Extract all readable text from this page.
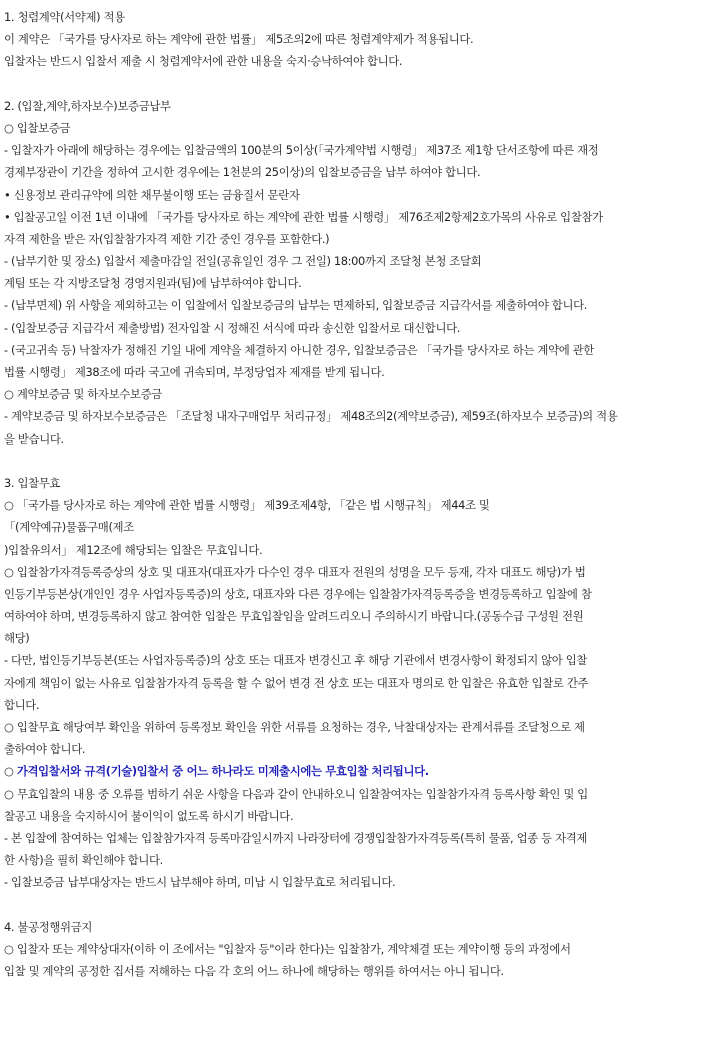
1. 청렴계약(서약제) 적용
이 계약은 「국가를 당사자로 하는 계약에 관한 법률」 제5조의2에 따른 청렴계약제가 적용됩니다.
입찰자는 반드시 입찰서 제출 시 청렴계약서에 관한 내용을 숙지·승낙하여야 합니다.
2. (입찰,계약,하자보수)보증금납부
○ 입찰보증금
- 입찰자가 아래에 해당하는 경우에는 입찰금액의 100분의 5이상(「국가계약법 시행령」 제37조 제1항 단서조항에 따른 재정
경제부장관이 기간을 정하여 고시한 경우에는 1천분의 25이상)의 입찰보증금을 납부 하여야 합니다.
• 신용정보 관리규약에 의한 채무불이행 또는 금융질서 문란자
• 입찰공고일 이전 1년 이내에 「국가를 당사자로 하는 계약에 관한 법률 시행령」 제76조제2항제2호가목의 사유로 입찰참가
자격 제한을 받은 자(입찰참가자격 제한 기간 중인 경우를 포함한다.)
- (납부기한 및 장소) 입찰서 제출마감일 전일(공휴일인 경우 그 전일) 18:00까지 조달청 본청 조달회
계팀 또는 각 지방조달청 경영지원과(팀)에 납부하여야 합니다.
- (납부면제) 위 사항을 제외하고는 이 입찰에서 입찰보증금의 납부는 면제하되, 입찰보증금 지급각서를 제출하여야 합니다.
- (입찰보증금 지급각서 제출방법) 전자입찰 시 정해진 서식에 따라 송신한 입찰서로 대신합니다.
- (국고귀속 등) 낙찰자가 정해진 기일 내에 계약을 체결하지 아니한 경우, 입찰보증금은 「국가를 당사자로 하는 계약에 관한
법률 시행령」 제38조에 따라 국고에 귀속되며, 부정당업자 제재를 받게 됩니다.
○ 계약보증금 및 하자보수보증금
- 계약보증금 및 하자보수보증금은 「조달청 내자구매업무 처리규정」 제48조의2(계약보증금), 제59조(하자보수 보증금)의 적용
을 받습니다.
3. 입찰무효
○ 「국가를 당사자로 하는 계약에 관한 법률 시행령」 제39조제4항, 「같은 법 시행규칙」 제44조 및
「(계약예규)물품구매(제조
)입찰유의서」 제12조에 해당되는 입찰은 무효입니다.
○ 입찰참가자격등록증상의 상호 및 대표자(대표자가 다수인 경우 대표자 전원의 성명을 모두 등재, 각자 대표도 해당)가 법
인등기부등본상(개인인 경우 사업자등록증)의 상호, 대표자와 다른 경우에는 입찰참가자격등록증을 변경등록하고 입찰에 참
여하여야 하며, 변경등록하지 않고 참여한 입찰은 무효입찰임을 알려드리오니 주의하시기 바랍니다.(공동수급 구성원 전원
해당)
- 다만, 법인등기부등본(또는 사업자등록증)의 상호 또는 대표자 변경신고 후 해당 기관에서 변경사항이 확정되지 않아 입찰
자에게 책임이 없는 사유로 입찰참가자격 등록을 할 수 없어 변경 전 상호 또는 대표자 명의로 한 입찰은 유효한 입찰로 간주
합니다.
○ 입찰무효 해당여부 확인을 위하여 등록정보 확인을 위한 서류를 요청하는 경우, 낙찰대상자는 관계서류를 조달청으로 제
출하여야 합니다.
○ 가격입찰서와 규격(기술)입찰서 중 어느 하나라도 미제출시에는 무효입찰 처리됩니다.
○ 무효입찰의 내용 중 오류를 범하기 쉬운 사항을 다음과 같이 안내하오니 입찰참여자는 입찰참가자격 등록사항 확인 및 입
찰공고 내용을 숙지하시어 불이익이 없도록 하시기 바랍니다.
- 본 입찰에 참여하는 업체는 입찰참가자격 등록마감일시까지 나라장터에 경쟁입찰참가자격등록(특히 물품, 업종 등 자격제
한 사항)을 필히 확인해야 합니다.
- 입찰보증금 납부대상자는 반드시 납부해야 하며, 미납 시 입찰무효로 처리됩니다.
4. 불공정행위금지
○ 입찰자 또는 계약상대자(이하 이 조에서는 "입찰자 등"이라 한다)는 입찰참가, 계약체결 또는 계약이행 등의 과정에서
입찰 및 계약의 공정한 집서를 저해하는 다음 각 호의 어느 하나에 해당하는 행위를 하여서는 아니 됩니다.
